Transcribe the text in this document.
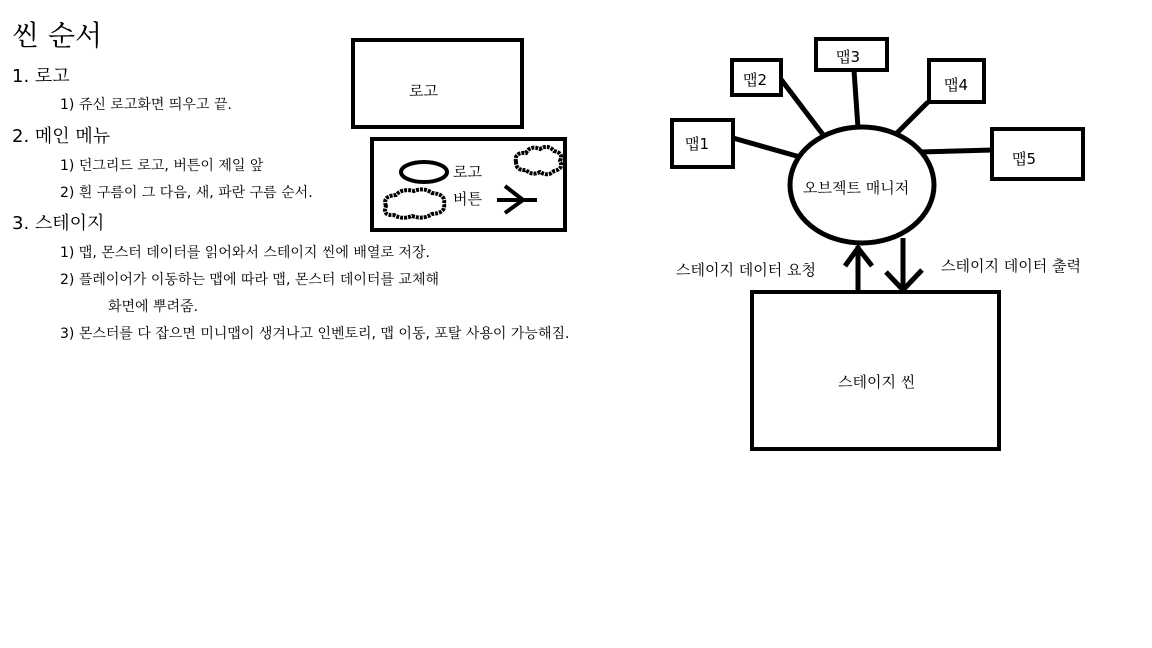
씬 순서
1. 로고
1) 쥬신 로고화면 띄우고 끝.
2. 메인 메뉴
1) 던그리드 로고, 버튼이 제일 앞
2) 흰 구름이 그 다음, 새, 파란 구름 순서.
3. 스테이지
1) 맵, 몬스터 데이터를 읽어와서 스테이지 씬에 배열로 저장.
2) 플레이어가 이동하는 맵에 따라 맵, 몬스터 데이터를 교체해
화면에 뿌려줌.
3) 몬스터를 다 잡으면 미니맵이 생겨나고 인벤토리, 맵 이동, 포탈 사용이 가능해짐.
로고
로고
버튼
맵1
맵2
맵3
맵4
맵5
오브젝트 매니저
스테이지 데이터 요청	스테이지 데이터 출력
스테이지 씬
